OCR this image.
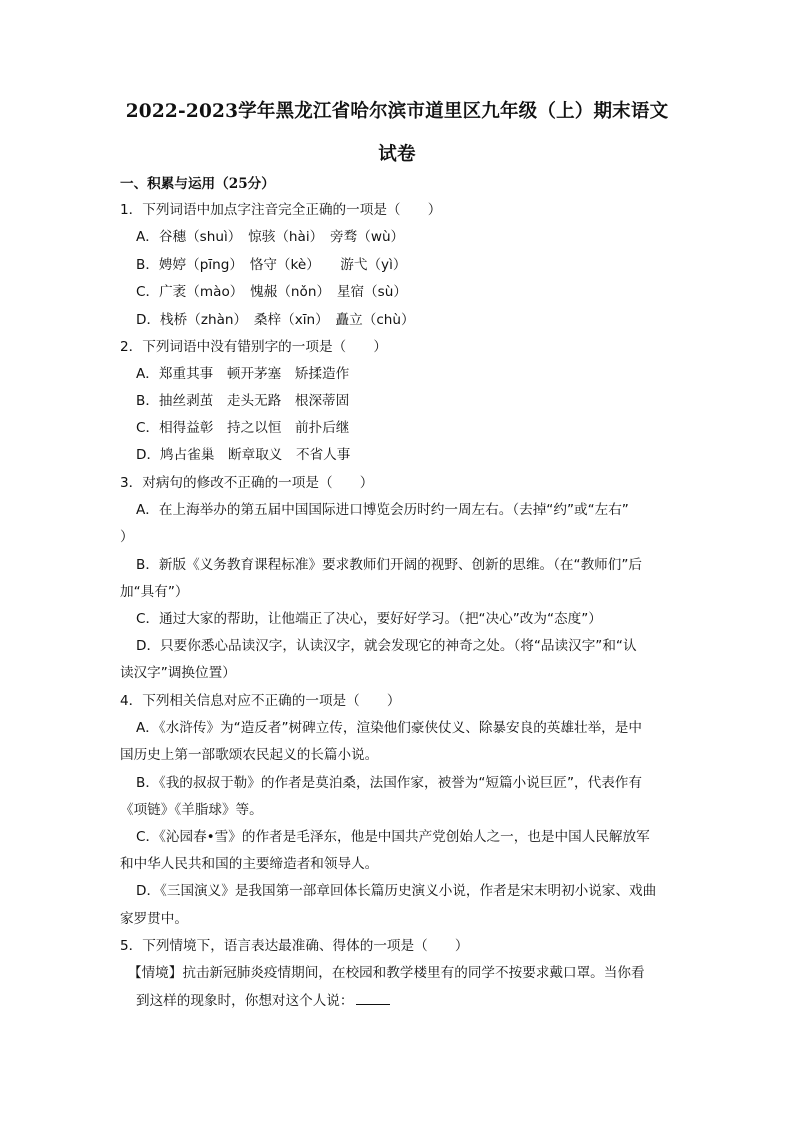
2022-2023学年黑龙江省哈尔滨市道里区九年级（上）期末语文
试卷
一、积累与运用（25分）
1．下列词语中加点字注音完全正确的一项是（　　）
A．谷穗（shuì）　惊骇（hài）　旁骛（wù）
B．娉婷（pīng）　恪守（kè）　　游弋（yì）
C．广袤（mào）　愧赧（nǒn）　星宿（sù）
D．栈桥（zhàn）　桑梓（xīn）　矗立（chù）
2．下列词语中没有错别字的一项是（　　）
A．郑重其事　顿开茅塞　矫揉造作
B．抽丝剥茧　走头无路　根深蒂固
C．相得益彰　持之以恒　前扑后继
D．鸠占雀巢　断章取义　不省人事
3．对病句的修改不正确的一项是（　　）
A．在上海举办的第五届中国国际进口博览会历时约一周左右。（去掉“约”或“左右”
）
B．新版《义务教育课程标准》要求教师们开阔的视野、创新的思维。（在“教师们”后
加“具有”）
C．通过大家的帮助，让他端正了决心，要好好学习。（把“决心”改为“态度”）
D．只要你悉心品读汉字，认读汉字，就会发现它的神奇之处。（将“品读汉字”和“认
读汉字”调换位置）
4．下列相关信息对应不正确的一项是（　　）
A．《水浒传》为“造反者”树碑立传，渲染他们豪侠仗义、除暴安良的英雄壮举，是中
国历史上第一部歌颂农民起义的长篇小说。
B．《我的叔叔于勒》的作者是莫泊桑，法国作家，被誉为“短篇小说巨匠”，代表作有
《项链》《羊脂球》等。
C．《沁园春•雪》的作者是毛泽东，他是中国共产党创始人之一，也是中国人民解放军
和中华人民共和国的主要缔造者和领导人。
D．《三国演义》是我国第一部章回体长篇历史演义小说，作者是宋末明初小说家、戏曲
家罗贯中。
5．下列情境下，语言表达最准确、得体的一项是（　　）
【情境】抗击新冠肺炎疫情期间，在校园和教学楼里有的同学不按要求戴口罩。当你看
到这样的现象时，你想对这个人说：
